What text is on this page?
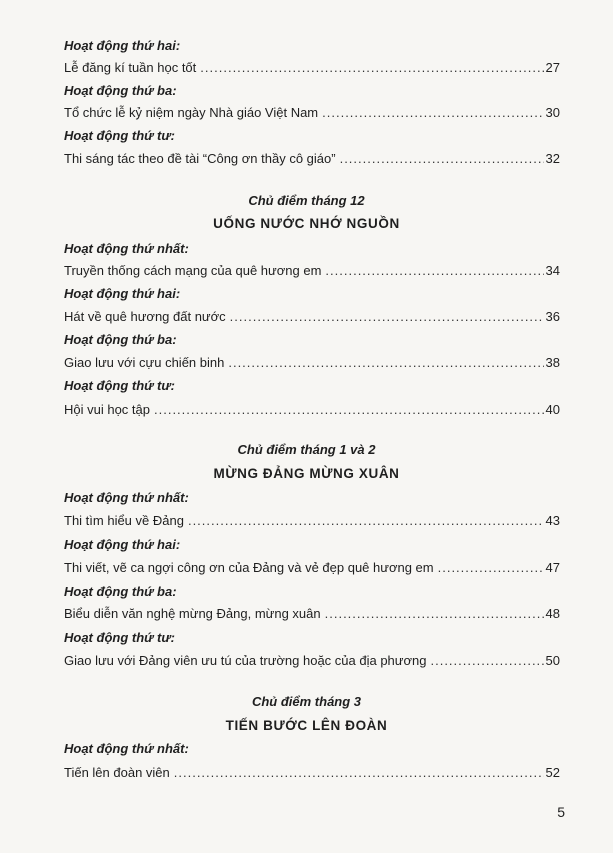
Hoạt động thứ hai:
Lễ đăng kí tuần học tốt .....	27
Hoạt động thứ ba:
Tổ chức lễ kỷ niệm ngày Nhà giáo Việt Nam .....	30
Hoạt động thứ tư:
Thi sáng tác theo đề tài “Công ơn thầy cô giáo” .....	32
Chủ điểm tháng 12
UỐNG NƯỚC NHỚ NGUỒN
Hoạt động thứ nhất:
Truyền thống cách mạng của quê hương em .....	34
Hoạt động thứ hai:
Hát về quê hương đất nước .....	36
Hoạt động thứ ba:
Giao lưu với cựu chiến binh .....	38
Hoạt động thứ tư:
Hội vui học tập .....	40
Chủ điểm tháng 1 và 2
MỪNG ĐẢNG MỪNG XUÂN
Hoạt động thứ nhất:
Thi tìm hiểu về Đảng .....	43
Hoạt động thứ hai:
Thi viết, vẽ ca ngợi công ơn của Đảng và vẻ đẹp quê hương em .....	47
Hoạt động thứ ba:
Biểu diễn văn nghệ mừng Đảng, mừng xuân .....	48
Hoạt động thứ tư:
Giao lưu với Đảng viên ưu tú của trường hoặc của địa phương .....	50
Chủ điểm tháng 3
TIẾN BƯỚC LÊN ĐOÀN
Hoạt động thứ nhất:
Tiến lên đoàn viên .....	52
5
